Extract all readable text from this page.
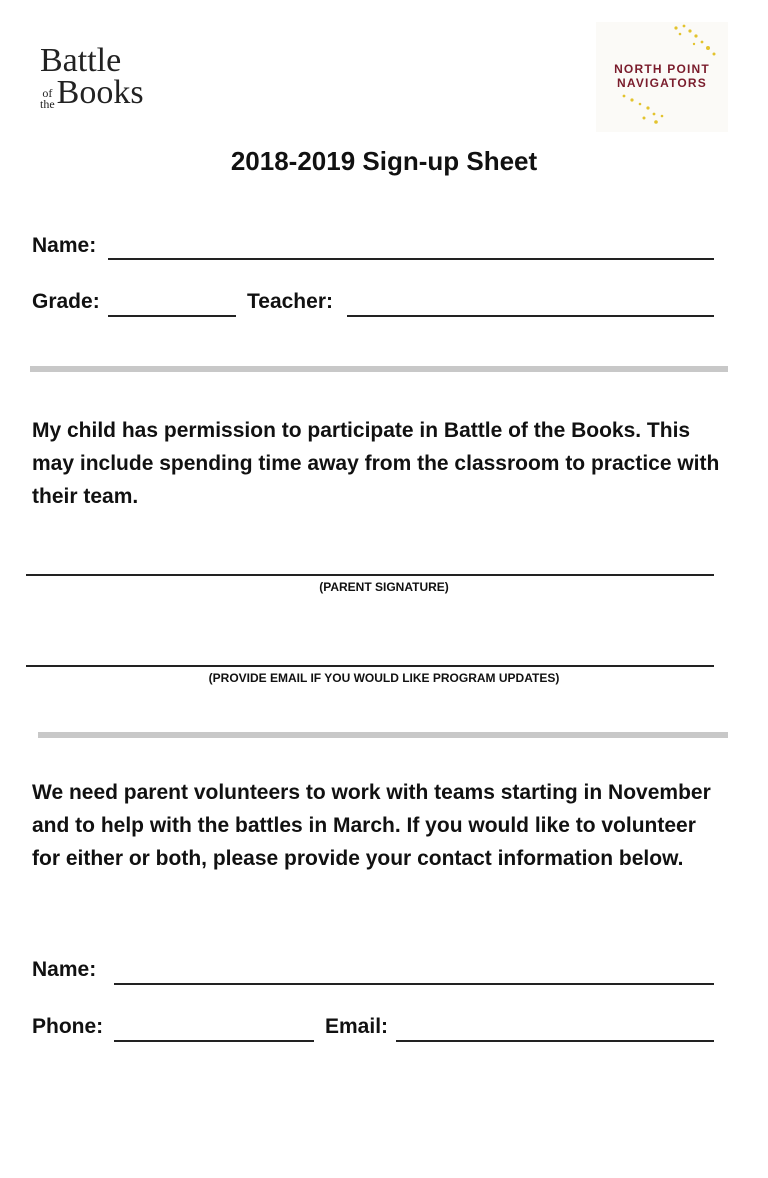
Battle
of
the Books
NORTH POINT
NAVIGATORS
2018-2019 Sign-up Sheet
Name:
Grade:	Teacher:
My child has permission to participate in Battle of the Books. This may include spending time away from the classroom to practice with their team.
(PARENT SIGNATURE)
(PROVIDE EMAIL IF YOU WOULD LIKE PROGRAM UPDATES)
We need parent volunteers to work with teams starting in November and to help with the battles in March. If you would like to volunteer for either or both, please provide your contact information below.
Name:
Phone:	Email:
